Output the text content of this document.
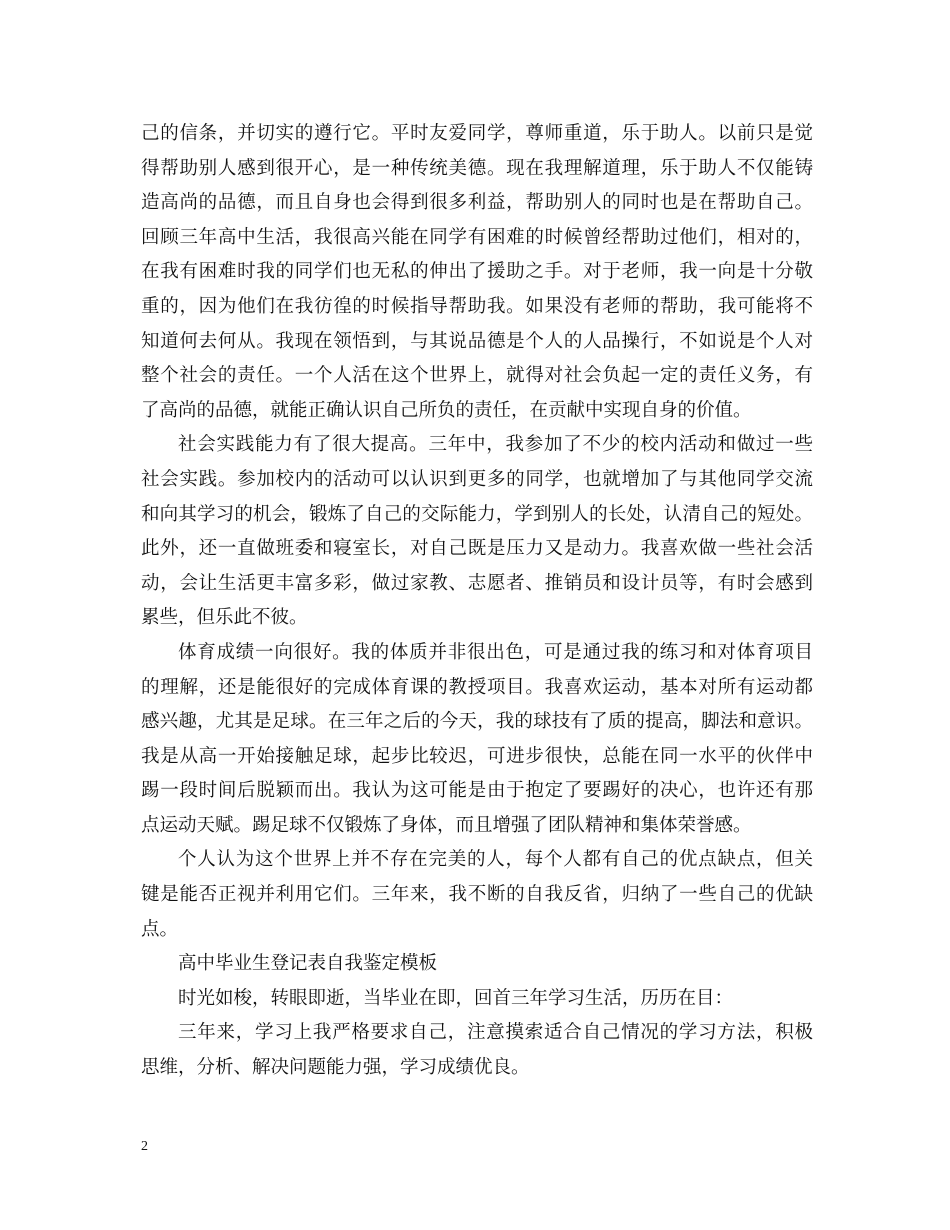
己的信条，并切实的遵行它。平时友爱同学，尊师重道，乐于助人。以前只是觉
得帮助别人感到很开心，是一种传统美德。现在我理解道理，乐于助人不仅能铸
造高尚的品德，而且自身也会得到很多利益，帮助别人的同时也是在帮助自己。
回顾三年高中生活，我很高兴能在同学有困难的时候曾经帮助过他们，相对的，
在我有困难时我的同学们也无私的伸出了援助之手。对于老师，我一向是十分敬
重的，因为他们在我彷徨的时候指导帮助我。如果没有老师的帮助，我可能将不
知道何去何从。我现在领悟到，与其说品德是个人的人品操行，不如说是个人对
整个社会的责任。一个人活在这个世界上，就得对社会负起一定的责任义务，有
了高尚的品德，就能正确认识自己所负的责任，在贡献中实现自身的价值。
社会实践能力有了很大提高。三年中，我参加了不少的校内活动和做过一些
社会实践。参加校内的活动可以认识到更多的同学，也就增加了与其他同学交流
和向其学习的机会，锻炼了自己的交际能力，学到别人的长处，认清自己的短处。
此外，还一直做班委和寝室长，对自己既是压力又是动力。我喜欢做一些社会活
动，会让生活更丰富多彩，做过家教、志愿者、推销员和设计员等，有时会感到
累些，但乐此不彼。
体育成绩一向很好。我的体质并非很出色，可是通过我的练习和对体育项目
的理解，还是能很好的完成体育课的教授项目。我喜欢运动，基本对所有运动都
感兴趣，尤其是足球。在三年之后的今天，我的球技有了质的提高，脚法和意识。
我是从高一开始接触足球，起步比较迟，可进步很快，总能在同一水平的伙伴中
踢一段时间后脱颖而出。我认为这可能是由于抱定了要踢好的决心，也许还有那
点运动天赋。踢足球不仅锻炼了身体，而且增强了团队精神和集体荣誉感。
个人认为这个世界上并不存在完美的人，每个人都有自己的优点缺点，但关
键是能否正视并利用它们。三年来，我不断的自我反省，归纳了一些自己的优缺
点。
高中毕业生登记表自我鉴定模板
时光如梭，转眼即逝，当毕业在即，回首三年学习生活，历历在目：
三年来，学习上我严格要求自己，注意摸索适合自己情况的学习方法，积极
思维，分析、解决问题能力强，学习成绩优良。
2
